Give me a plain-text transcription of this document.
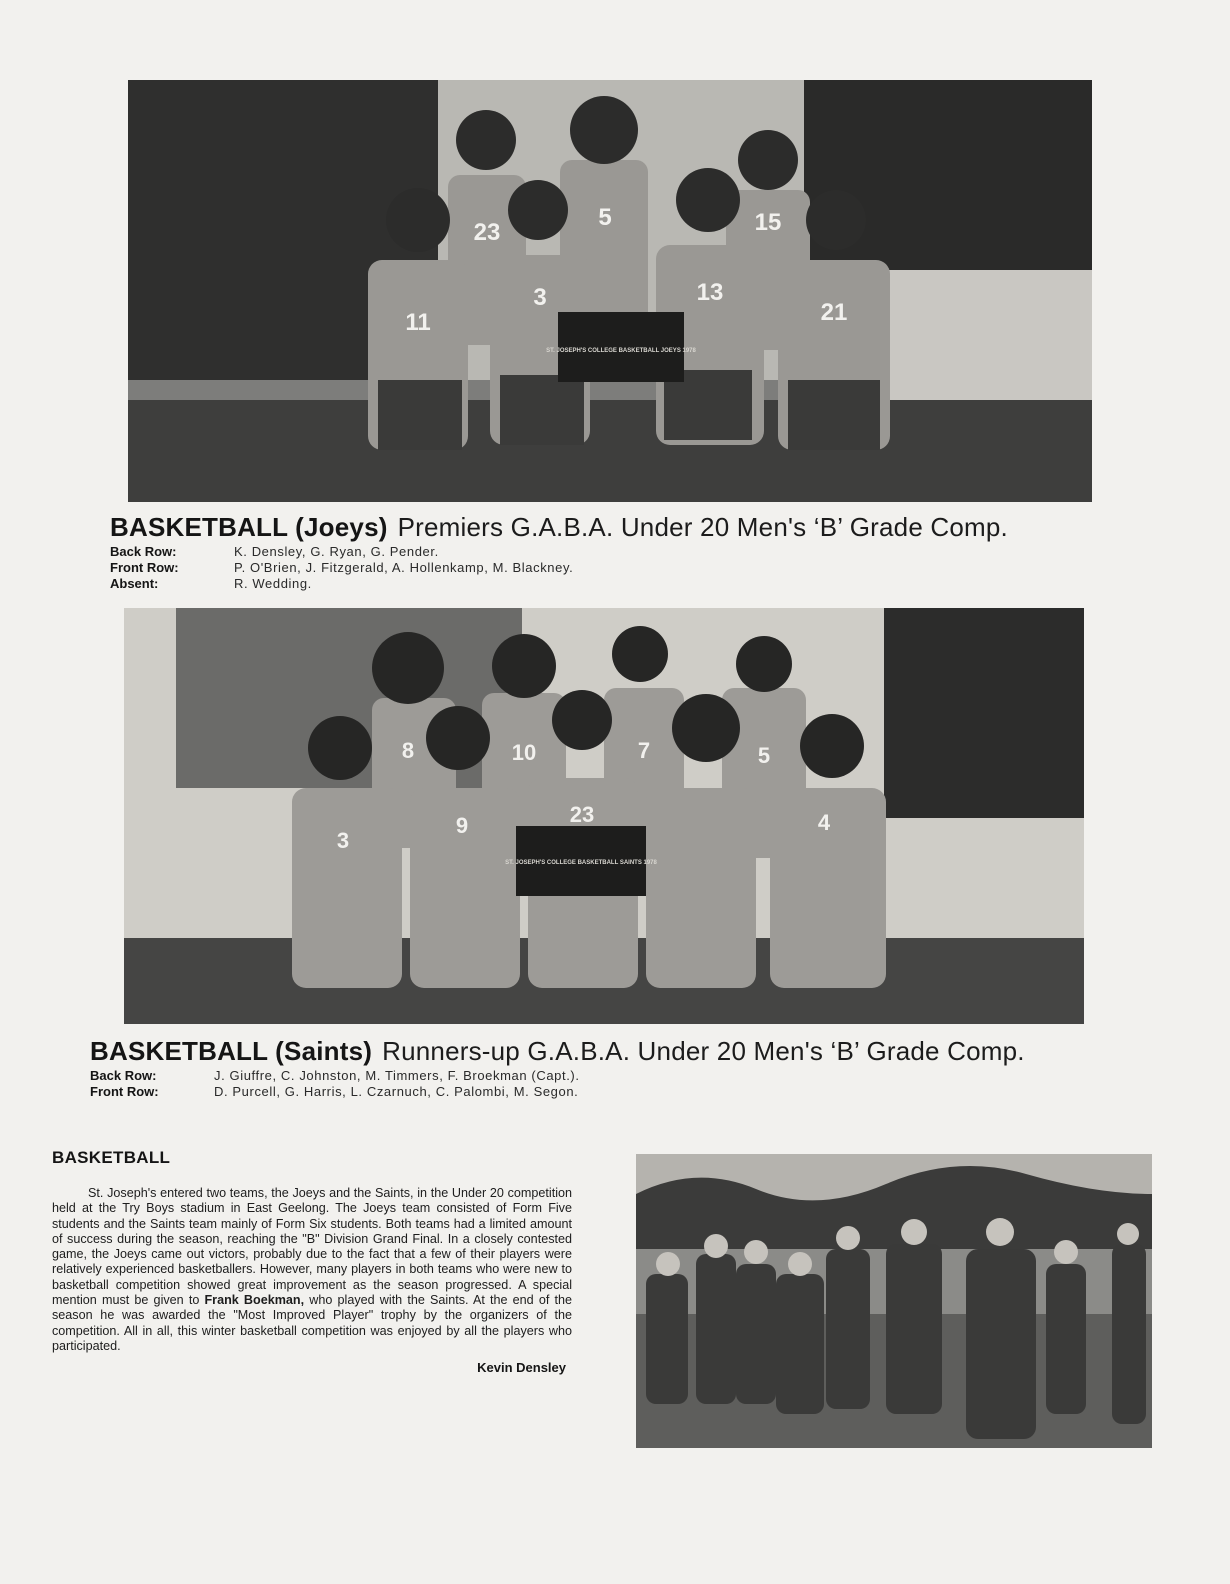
23
5	15
11
3	13
21
ST. JOSEPH'S COLLEGE BASKETBALL JOEYS 1978
BASKETBALL (Joeys) Premiers G.A.B.A. Under 20 Men's ‘B’ Grade Comp.
Back Row:	K. Densley, G. Ryan, G. Pender.
Front Row:	P. O'Brien, J. Fitzgerald, A. Hollenkamp, M. Blackney.
Absent:	R. Wedding.
8	10	7	5
3
9	23	4
ST. JOSEPH'S COLLEGE BASKETBALL SAINTS 1978
BASKETBALL (Saints) Runners-up G.A.B.A. Under 20 Men's ‘B’ Grade Comp.
Back Row:	J. Giuffre, C. Johnston, M. Timmers, F. Broekman (Capt.).
Front Row:	D. Purcell, G. Harris, L. Czarnuch, C. Palombi, M. Segon.
BASKETBALL

St. Joseph's entered two teams, the Joeys and the Saints, in the Under 20 competition held at the Try Boys stadium in East Geelong. The Joeys team consisted of Form Five students and the Saints team mainly of Form Six students. Both teams had a limited amount of success during the season, reaching the "B" Division Grand Final. In a closely contested game, the Joeys came out victors, probably due to the fact that a few of their players were relatively experienced basketballers. However, many players in both teams who were new to basketball competition showed great improvement as the season progressed. A special mention must be given to Frank Boekman, who played with the Saints. At the end of the season he was awarded the "Most Improved Player" trophy by the organizers of the competition. All in all, this winter basketball competition was enjoyed by all the players who participated.

Kevin Densley
